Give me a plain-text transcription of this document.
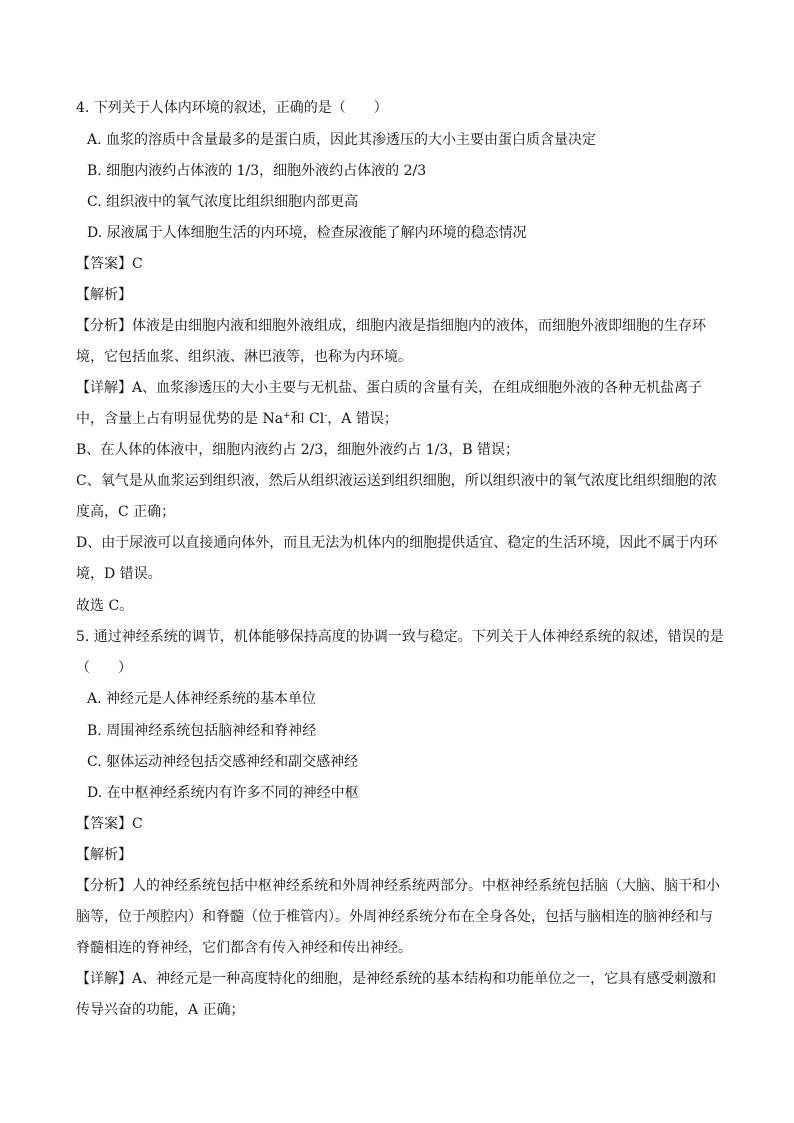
4. 下列关于人体内环境的叙述，正确的是（　　）
A. 血浆的溶质中含量最多的是蛋白质，因此其渗透压的大小主要由蛋白质含量决定
B. 细胞内液约占体液的 1/3，细胞外液约占体液的 2/3
C. 组织液中的氧气浓度比组织细胞内部更高
D. 尿液属于人体细胞生活的内环境，检查尿液能了解内环境的稳态情况
【答案】C
【解析】
【分析】体液是由细胞内液和细胞外液组成，细胞内液是指细胞内的液体，而细胞外液即细胞的生存环
境，它包括血浆、组织液、淋巴液等，也称为内环境。
【详解】A、血浆渗透压的大小主要与无机盐、蛋白质的含量有关，在组成细胞外液的各种无机盐离子
中，含量上占有明显优势的是 Na+和 Cl-，A 错误；
B、在人体的体液中，细胞内液约占 2/3，细胞外液约占 1/3，B 错误；
C、氧气是从血浆运到组织液，然后从组织液运送到组织细胞，所以组织液中的氧气浓度比组织细胞的浓
度高，C 正确；
D、由于尿液可以直接通向体外，而且无法为机体内的细胞提供适宜、稳定的生活环境，因此不属于内环
境，D 错误。
故选 C。
5. 通过神经系统的调节，机体能够保持高度的协调一致与稳定。下列关于人体神经系统的叙述，错误的是
（　　）
A. 神经元是人体神经系统的基本单位
B. 周围神经系统包括脑神经和脊神经
C. 躯体运动神经包括交感神经和副交感神经
D. 在中枢神经系统内有许多不同的神经中枢
【答案】C
【解析】
【分析】人的神经系统包括中枢神经系统和外周神经系统两部分。中枢神经系统包括脑（大脑、脑干和小
脑等，位于颅腔内）和脊髓（位于椎管内）。外周神经系统分布在全身各处，包括与脑相连的脑神经和与
脊髓相连的脊神经，它们都含有传入神经和传出神经。
【详解】A、神经元是一种高度特化的细胞，是神经系统的基本结构和功能单位之一，它具有感受刺激和
传导兴奋的功能，A 正确；
